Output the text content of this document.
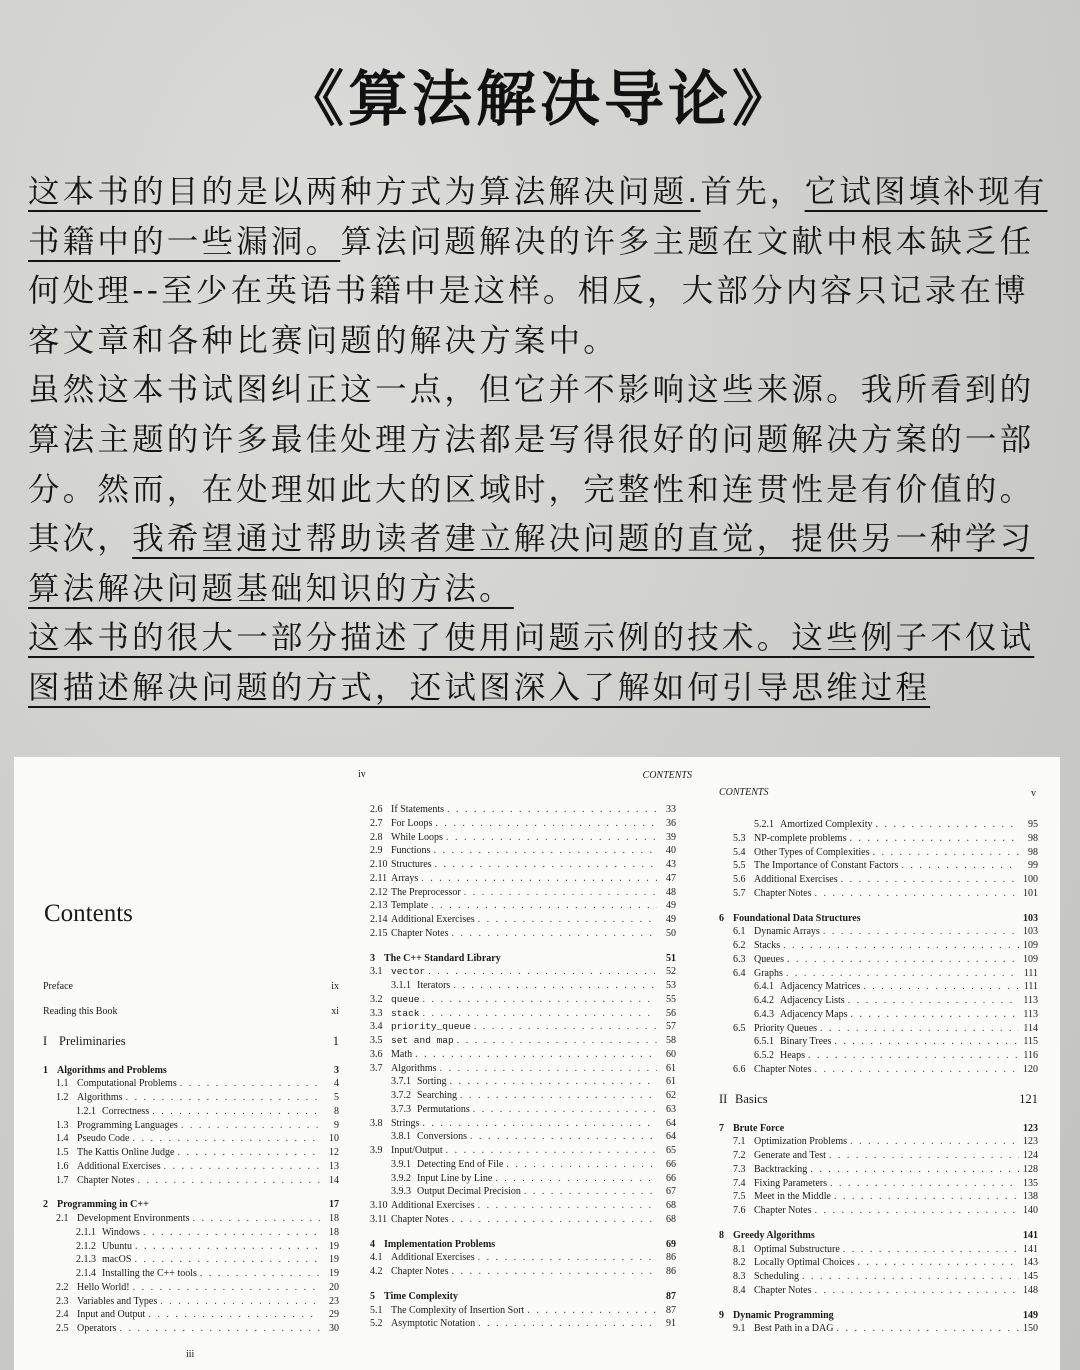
《算法解决导论》
这本书的目的是以两种方式为算法解决问题.首先，它试图填补现有
书籍中的一些漏洞。算法问题解决的许多主题在文献中根本缺乏任
何处理--至少在英语书籍中是这样。相反，大部分内容只记录在博
客文章和各种比赛问题的解决方案中。
虽然这本书试图纠正这一点，但它并不影响这些来源。我所看到的
算法主题的许多最佳处理方法都是写得很好的问题解决方案的一部
分。然而，在处理如此大的区域时，完整性和连贯性是有价值的。
其次，我希望通过帮助读者建立解决问题的直觉，提供另一种学习
算法解决问题基础知识的方法。
这本书的很大一部分描述了使用问题示例的技术。这些例子不仅试
图描述解决问题的方式，还试图深入了解如何引导思维过程
Contents
Preface	ix
Reading this Book	xi
I Preliminaries	1
1 Algorithms and Problems	3
1.1 Computational Problems . . .	4
1.2 Algorithms . . .	5
1.2.1 Correctness . . .	8
1.3 Programming Languages . . .	9
1.4 Pseudo Code . . .	10
1.5 The Kattis Online Judge . . .	12
1.6 Additional Exercises . . .	13
1.7 Chapter Notes . . .	14
2 Programming in C++	17
2.1 Development Environments . . .	18
2.1.1 Windows . . .	18
2.1.2 Ubuntu . . .	19
2.1.3 macOS . . .	19
2.1.4 Installing the C++ tools . . .	19
2.2 Hello World! . . .	20
2.3 Variables and Types . . .	23
2.4 Input and Output . . .	29
2.5 Operators . . .	30
iii
iv	CONTENTS
2.6 If Statements . . .	33
2.7 For Loops . . .	36
2.8 While Loops . . .	39
2.9 Functions . . .	40
2.10 Structures . . .	43
2.11 Arrays . . .	47
2.12 The Preprocessor . . .	48
2.13 Template . . .	49
2.14 Additional Exercises . . .	49
2.15 Chapter Notes . . .	50
3 The C++ Standard Library	51
3.1 vector . . .	52
3.1.1 Iterators . . .	53
3.2 queue . . .	55
3.3 stack . . .	56
3.4 priority_queue . . .	57
3.5 set and map . . .	58
3.6 Math . . .	60
3.7 Algorithms . . .	61
3.7.1 Sorting . . .	61
3.7.2 Searching . . .	62
3.7.3 Permutations . . .	63
3.8 Strings . . .	64
3.8.1 Conversions . . .	64
3.9 Input/Output . . .	65
3.9.1 Detecting End of File . . .	66
3.9.2 Input Line by Line . . .	66
3.9.3 Output Decimal Precision . . .	67
3.10 Additional Exercises . . .	68
3.11 Chapter Notes . . .	68
4 Implementation Problems	69
4.1 Additional Exercises . . .	86
4.2 Chapter Notes . . .	86
5 Time Complexity	87
5.1 The Complexity of Insertion Sort . . .	87
5.2 Asymptotic Notation . . .	91
CONTENTS	v
5.2.1 Amortized Complexity . . .	95
5.3 NP-complete problems . . .	98
5.4 Other Types of Complexities . . .	98
5.5 The Importance of Constant Factors . . .	99
5.6 Additional Exercises . . .	100
5.7 Chapter Notes . . .	101
6 Foundational Data Structures	103
6.1 Dynamic Arrays . . .	103
6.2 Stacks . . .	109
6.3 Queues . . .	109
6.4 Graphs . . .	111
6.4.1 Adjacency Matrices . . .	111
6.4.2 Adjacency Lists . . .	113
6.4.3 Adjacency Maps . . .	113
6.5 Priority Queues . . .	114
6.5.1 Binary Trees . . .	115
6.5.2 Heaps . . .	116
6.6 Chapter Notes . . .	120
II Basics	121
7 Brute Force	123
7.1 Optimization Problems . . .	123
7.2 Generate and Test . . .	124
7.3 Backtracking . . .	128
7.4 Fixing Parameters . . .	135
7.5 Meet in the Middle . . .	138
7.6 Chapter Notes . . .	140
8 Greedy Algorithms	141
8.1 Optimal Substructure . . .	141
8.2 Locally Optimal Choices . . .	143
8.3 Scheduling . . .	145
8.4 Chapter Notes . . .	148
9 Dynamic Programming	149
9.1 Best Path in a DAG . . .	150
